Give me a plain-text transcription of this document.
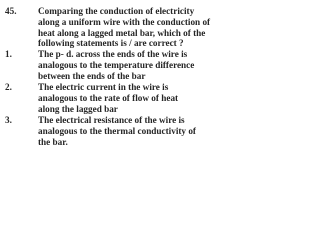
45.	Comparing the conduction of electricity
along a uniform wire with the conduction of
heat along a lagged metal bar, which of the
following statements is / are correct ?
1.	The p- d. across the ends of the wire is
analogous to the temperature difference
between the ends of the bar
2.	The electric current in the wire is
analogous to the rate of flow of heat
along the lagged bar
3.	The electrical resistance of the wire is
analogous to the thermal conductivity of
the bar.
